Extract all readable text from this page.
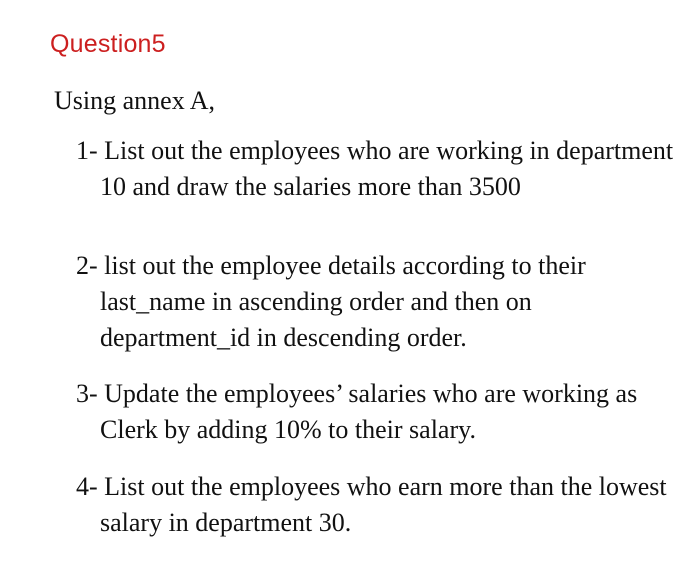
Question5
Using annex A,
1- List out the employees who are working in department 10 and draw the salaries more than 3500
2- list out the employee details according to their last_name in ascending order and then on department_id in descending order.
3- Update the employees’ salaries who are working as Clerk by adding 10% to their salary.
4- List out the employees who earn more than the lowest salary in department 30.
